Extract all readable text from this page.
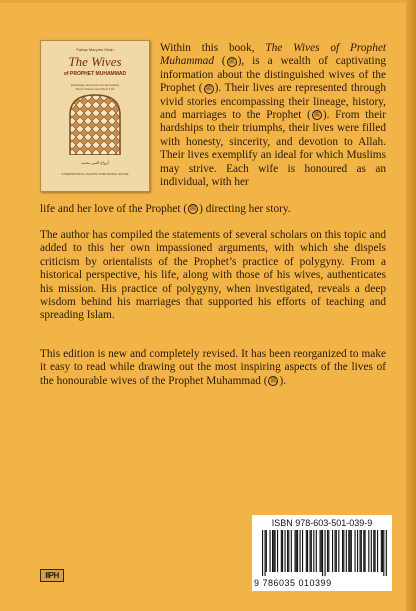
Fariqa Maryam Khan
The Wives
of PROPHET MUHAMMAD
(blessings and peace be upon him)
Their Strives and Their Life
أزواج النبي محمد
INTERNATIONAL ISLAMIC PUBLISHING HOUSE

Within this book, The Wives of Prophet Muhammad ( ﷺ ), is a wealth of captivating information about the distinguished wives of the Prophet ( ﷺ ). Their lives are represented through vivid stories encompassing their lineage, history, and marriages to the Prophet ( ﷺ ). From their hardships to their triumphs, their lives were filled with honesty, sincerity, and devotion to Allah. Their lives exemplify an ideal for which Muslims may strive. Each wife is honoured as an individual, with her

life and her love of the Prophet ( ﷺ ) directing her story.

The author has compiled the statements of several scholars on this topic and added to this her own impassioned arguments, with which she dispels criticism by orientalists of the Prophet’s practice of polygyny. From a historical perspective, his life, along with those of his wives, authenticates his mission. His practice of polygyny, when investigated, reveals a deep wisdom behind his marriages that supported his efforts of teaching and spreading Islam.

This edition is new and completely revised. It has been reorganized to make it easy to read while drawing out the most inspiring aspects of the lives of the honourable wives of the Prophet Muhammad ( ﷺ ).

ISBN 978-603-501-039-9
9 786035 010399
IIPH
